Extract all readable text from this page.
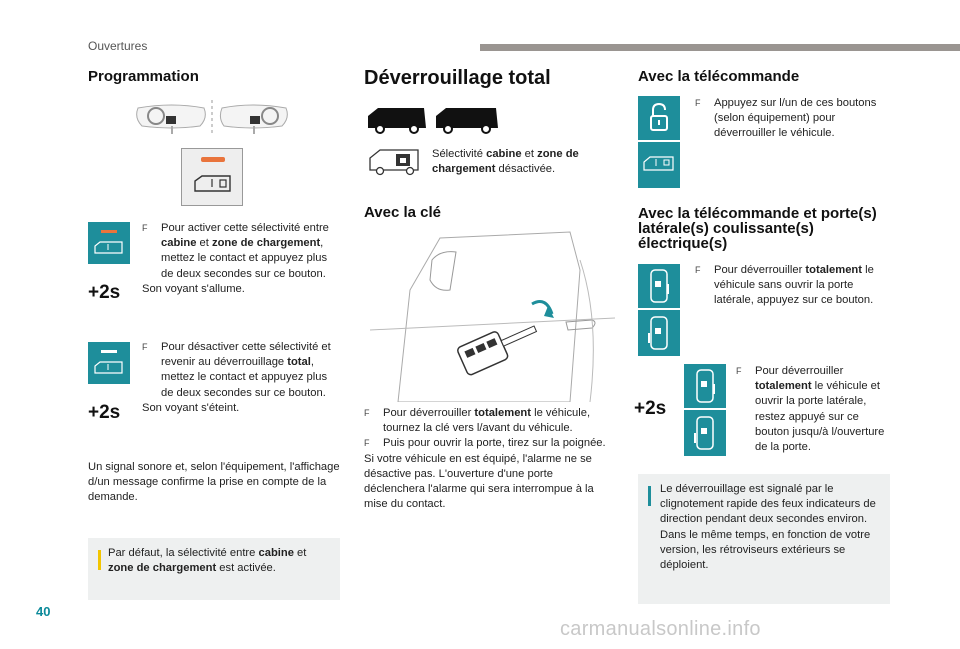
Ouvertures
40
carmanualsonline.info
Programmation
+2s
F Pour activer cette sélectivité entre cabine et zone de chargement, mettez le contact et appuyez plus de deux secondes sur ce bouton.
Son voyant s'allume.
+2s
F Pour désactiver cette sélectivité et revenir au déverrouillage total, mettez le contact et appuyez plus de deux secondes sur ce bouton.
Son voyant s'éteint.
Un signal sonore et, selon l'équipement, l'affichage d/un message confirme la prise en compte de la demande.
Par défaut, la sélectivité entre cabine et zone de chargement est activée.
Déverrouillage total
Sélectivité cabine et zone de chargement désactivée.
Avec la clé
F Pour déverrouiller totalement le véhicule, tournez la clé vers l/avant du véhicule.
F Puis pour ouvrir la porte, tirez sur la poignée.
Si votre véhicule en est équipé, l'alarme ne se désactive pas. L'ouverture d'une porte déclenchera l'alarme qui sera interrompue à la mise du contact.
Avec la télécommande
F Appuyez sur l/un de ces boutons (selon équipement) pour déverrouiller le véhicule.
Avec la télécommande et porte(s) latérale(s) coulissante(s) électrique(s)
F Pour déverrouiller totalement le véhicule sans ouvrir la porte latérale, appuyez sur ce bouton.
+2s
F Pour déverrouiller totalement le véhicule et ouvrir la porte latérale, restez appuyé sur ce bouton jusqu/à l/ouverture de la porte.
Le déverrouillage est signalé par le clignotement rapide des feux indicateurs de direction pendant deux secondes environ.
Dans le même temps, en fonction de votre version, les rétroviseurs extérieurs se déploient.
